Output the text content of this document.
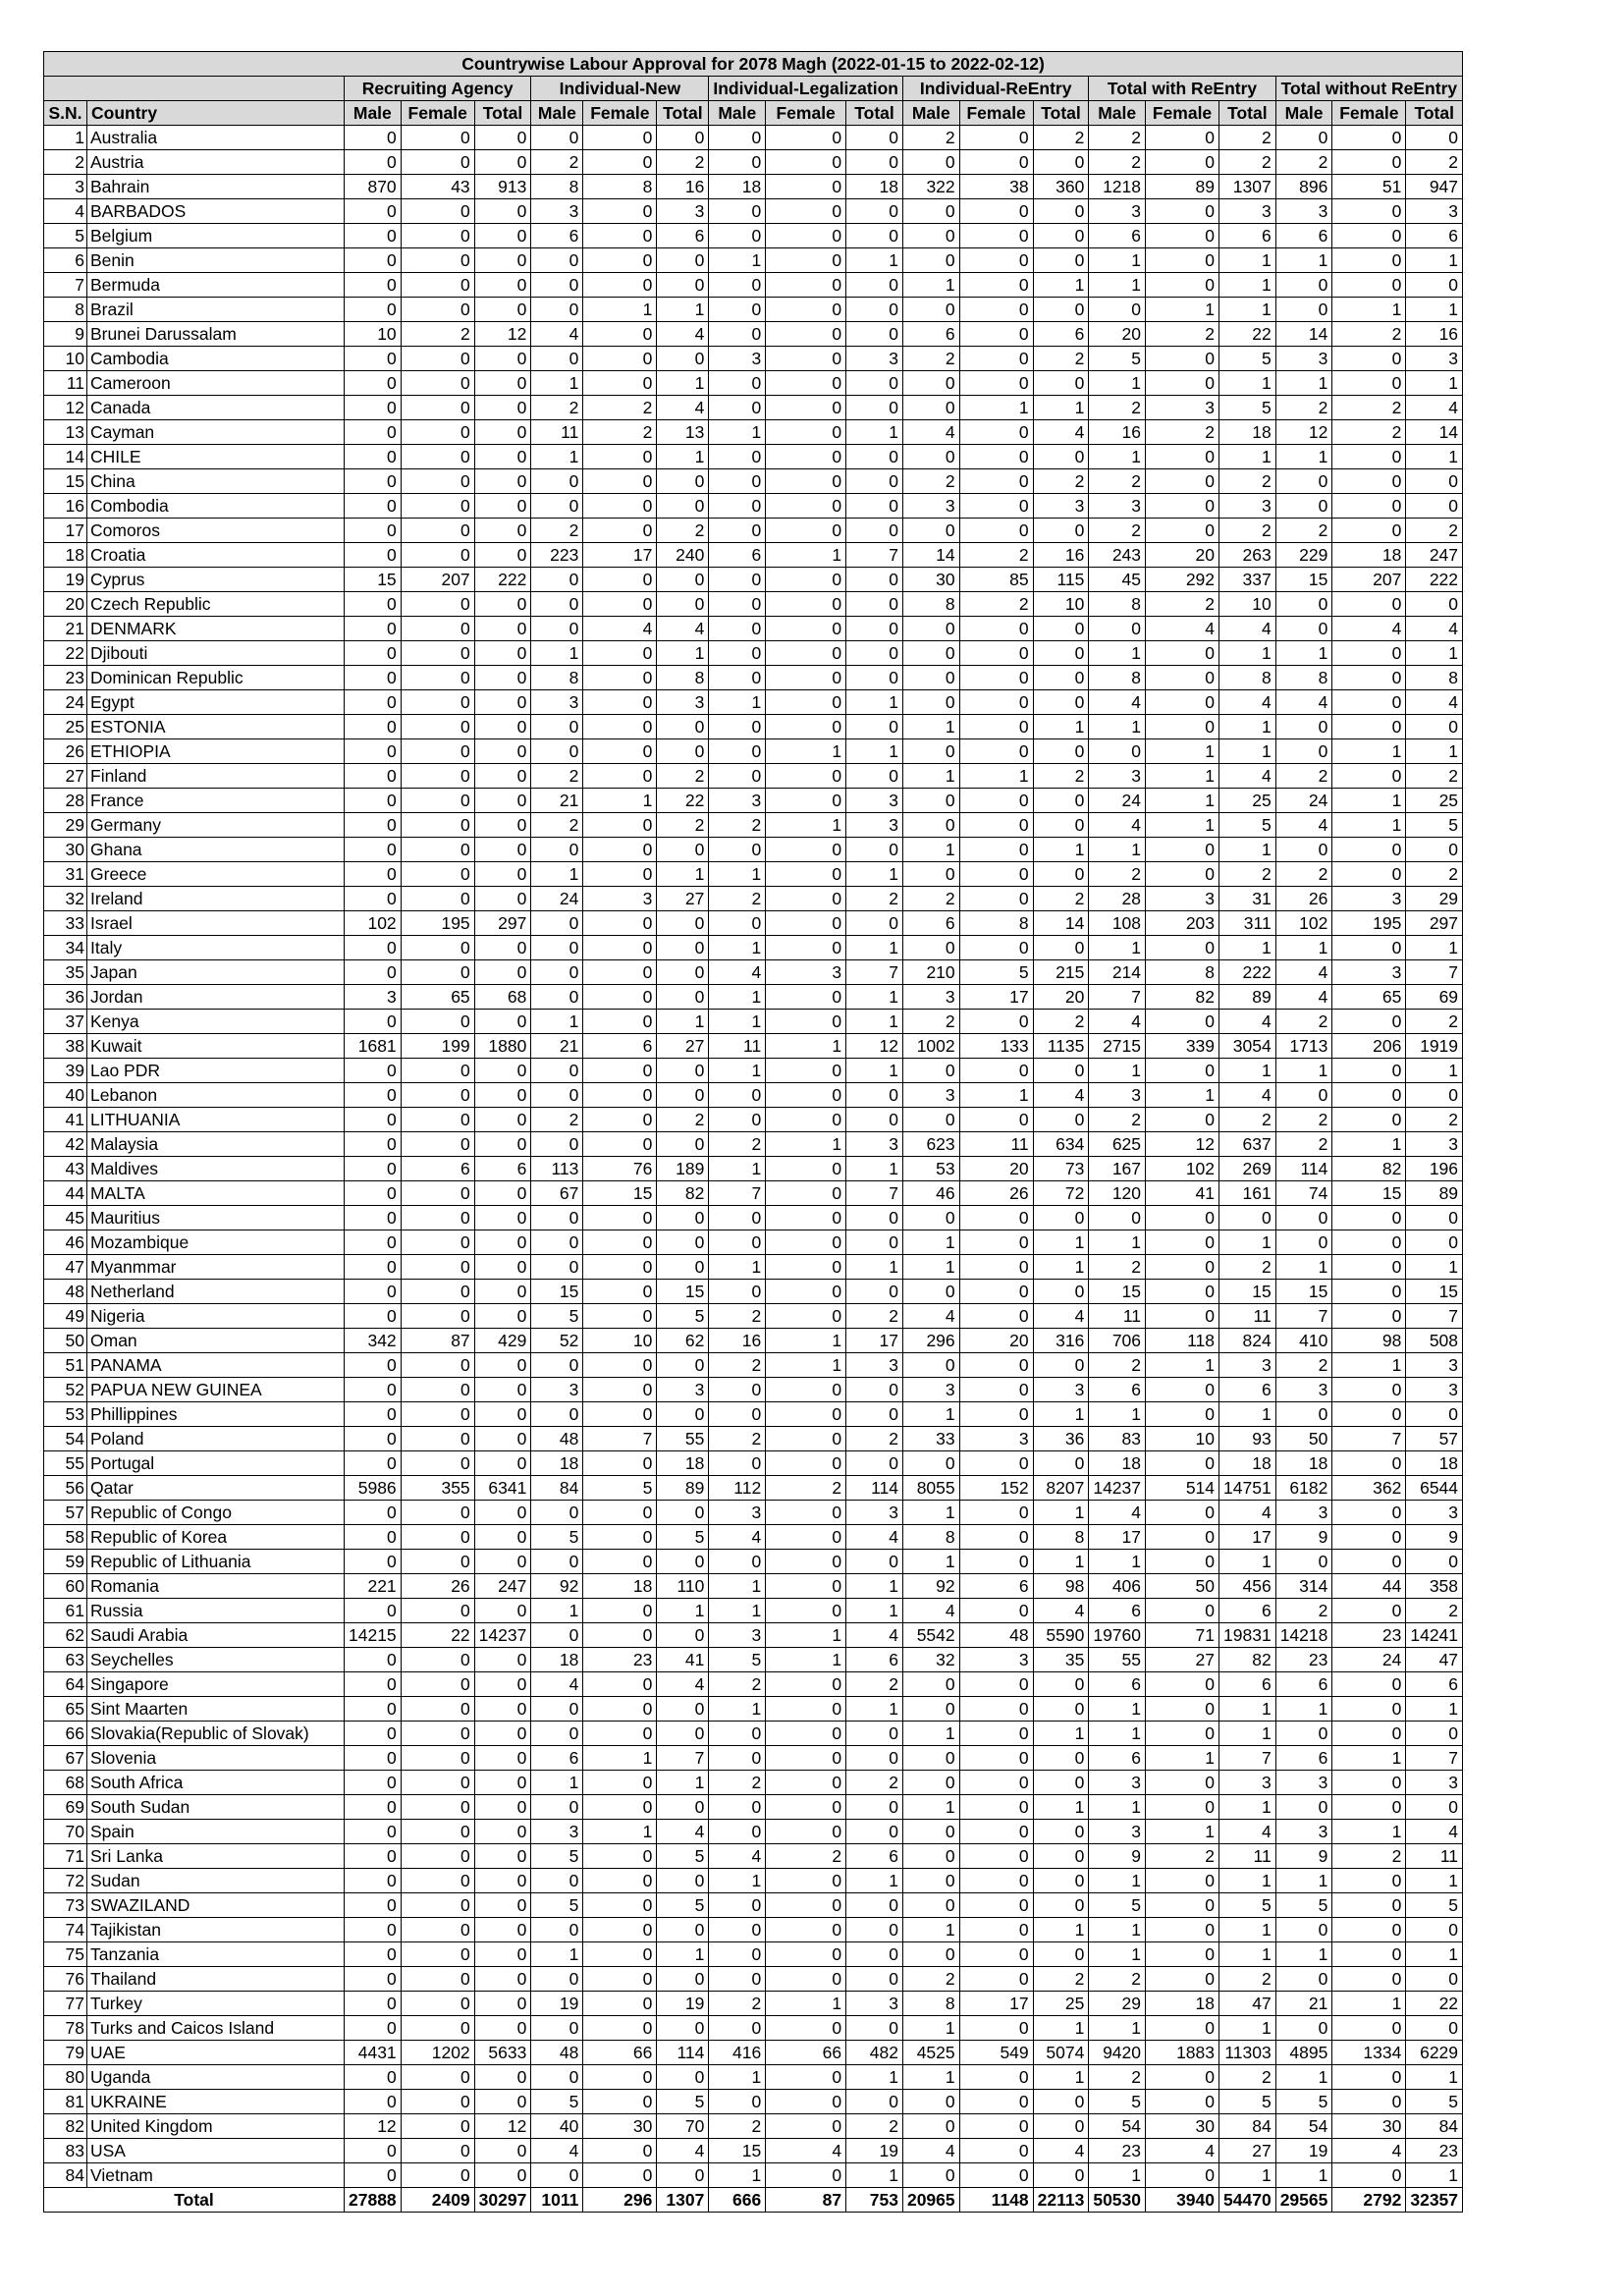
Countrywise Labour Approval for 2078 Magh (2022-01-15 to 2022-02-12)																			
		Recruiting Agency			Individual-New			Individual-Legalization			Individual-ReEntry			Total with ReEntry			Total without ReEntry		
S.N.	Country	Male	Female	Total	Male	Female	Total	Male	Female	Total	Male	Female	Total	Male	Female	Total	Male	Female	Total
1	Australia	0	0	0	0	0	0	0	0	0	2	0	2	2	0	2	0	0	0
2	Austria	0	0	0	2	0	2	0	0	0	0	0	0	2	0	2	2	0	2
3	Bahrain	870	43	913	8	8	16	18	0	18	322	38	360	1218	89	1307	896	51	947
4	BARBADOS	0	0	0	3	0	3	0	0	0	0	0	0	3	0	3	3	0	3
5	Belgium	0	0	0	6	0	6	0	0	0	0	0	0	6	0	6	6	0	6
6	Benin	0	0	0	0	0	0	1	0	1	0	0	0	1	0	1	1	0	1
7	Bermuda	0	0	0	0	0	0	0	0	0	1	0	1	1	0	1	0	0	0
8	Brazil	0	0	0	0	1	1	0	0	0	0	0	0	0	1	1	0	1	1
9	Brunei Darussalam	10	2	12	4	0	4	0	0	0	6	0	6	20	2	22	14	2	16
10	Cambodia	0	0	0	0	0	0	3	0	3	2	0	2	5	0	5	3	0	3
11	Cameroon	0	0	0	1	0	1	0	0	0	0	0	0	1	0	1	1	0	1
12	Canada	0	0	0	2	2	4	0	0	0	0	1	1	2	3	5	2	2	4
13	Cayman	0	0	0	11	2	13	1	0	1	4	0	4	16	2	18	12	2	14
14	CHILE	0	0	0	1	0	1	0	0	0	0	0	0	1	0	1	1	0	1
15	China	0	0	0	0	0	0	0	0	0	2	0	2	2	0	2	0	0	0
16	Combodia	0	0	0	0	0	0	0	0	0	3	0	3	3	0	3	0	0	0
17	Comoros	0	0	0	2	0	2	0	0	0	0	0	0	2	0	2	2	0	2
18	Croatia	0	0	0	223	17	240	6	1	7	14	2	16	243	20	263	229	18	247
19	Cyprus	15	207	222	0	0	0	0	0	0	30	85	115	45	292	337	15	207	222
20	Czech Republic	0	0	0	0	0	0	0	0	0	8	2	10	8	2	10	0	0	0
21	DENMARK	0	0	0	0	4	4	0	0	0	0	0	0	0	4	4	0	4	4
22	Djibouti	0	0	0	1	0	1	0	0	0	0	0	0	1	0	1	1	0	1
23	Dominican Republic	0	0	0	8	0	8	0	0	0	0	0	0	8	0	8	8	0	8
24	Egypt	0	0	0	3	0	3	1	0	1	0	0	0	4	0	4	4	0	4
25	ESTONIA	0	0	0	0	0	0	0	0	0	1	0	1	1	0	1	0	0	0
26	ETHIOPIA	0	0	0	0	0	0	0	1	1	0	0	0	0	1	1	0	1	1
27	Finland	0	0	0	2	0	2	0	0	0	1	1	2	3	1	4	2	0	2
28	France	0	0	0	21	1	22	3	0	3	0	0	0	24	1	25	24	1	25
29	Germany	0	0	0	2	0	2	2	1	3	0	0	0	4	1	5	4	1	5
30	Ghana	0	0	0	0	0	0	0	0	0	1	0	1	1	0	1	0	0	0
31	Greece	0	0	0	1	0	1	1	0	1	0	0	0	2	0	2	2	0	2
32	Ireland	0	0	0	24	3	27	2	0	2	2	0	2	28	3	31	26	3	29
33	Israel	102	195	297	0	0	0	0	0	0	6	8	14	108	203	311	102	195	297
34	Italy	0	0	0	0	0	0	1	0	1	0	0	0	1	0	1	1	0	1
35	Japan	0	0	0	0	0	0	4	3	7	210	5	215	214	8	222	4	3	7
36	Jordan	3	65	68	0	0	0	1	0	1	3	17	20	7	82	89	4	65	69
37	Kenya	0	0	0	1	0	1	1	0	1	2	0	2	4	0	4	2	0	2
38	Kuwait	1681	199	1880	21	6	27	11	1	12	1002	133	1135	2715	339	3054	1713	206	1919
39	Lao PDR	0	0	0	0	0	0	1	0	1	0	0	0	1	0	1	1	0	1
40	Lebanon	0	0	0	0	0	0	0	0	0	3	1	4	3	1	4	0	0	0
41	LITHUANIA	0	0	0	2	0	2	0	0	0	0	0	0	2	0	2	2	0	2
42	Malaysia	0	0	0	0	0	0	2	1	3	623	11	634	625	12	637	2	1	3
43	Maldives	0	6	6	113	76	189	1	0	1	53	20	73	167	102	269	114	82	196
44	MALTA	0	0	0	67	15	82	7	0	7	46	26	72	120	41	161	74	15	89
45	Mauritius	0	0	0	0	0	0	0	0	0	0	0	0	0	0	0	0	0	0
46	Mozambique	0	0	0	0	0	0	0	0	0	1	0	1	1	0	1	0	0	0
47	Myanmmar	0	0	0	0	0	0	1	0	1	1	0	1	2	0	2	1	0	1
48	Netherland	0	0	0	15	0	15	0	0	0	0	0	0	15	0	15	15	0	15
49	Nigeria	0	0	0	5	0	5	2	0	2	4	0	4	11	0	11	7	0	7
50	Oman	342	87	429	52	10	62	16	1	17	296	20	316	706	118	824	410	98	508
51	PANAMA	0	0	0	0	0	0	2	1	3	0	0	0	2	1	3	2	1	3
52	PAPUA NEW GUINEA	0	0	0	3	0	3	0	0	0	3	0	3	6	0	6	3	0	3
53	Phillippines	0	0	0	0	0	0	0	0	0	1	0	1	1	0	1	0	0	0
54	Poland	0	0	0	48	7	55	2	0	2	33	3	36	83	10	93	50	7	57
55	Portugal	0	0	0	18	0	18	0	0	0	0	0	0	18	0	18	18	0	18
56	Qatar	5986	355	6341	84	5	89	112	2	114	8055	152	8207	14237	514	14751	6182	362	6544
57	Republic of Congo	0	0	0	0	0	0	3	0	3	1	0	1	4	0	4	3	0	3
58	Republic of Korea	0	0	0	5	0	5	4	0	4	8	0	8	17	0	17	9	0	9
59	Republic of Lithuania	0	0	0	0	0	0	0	0	0	1	0	1	1	0	1	0	0	0
60	Romania	221	26	247	92	18	110	1	0	1	92	6	98	406	50	456	314	44	358
61	Russia	0	0	0	1	0	1	1	0	1	4	0	4	6	0	6	2	0	2
62	Saudi Arabia	14215	22	14237	0	0	0	3	1	4	5542	48	5590	19760	71	19831	14218	23	14241
63	Seychelles	0	0	0	18	23	41	5	1	6	32	3	35	55	27	82	23	24	47
64	Singapore	0	0	0	4	0	4	2	0	2	0	0	0	6	0	6	6	0	6
65	Sint Maarten	0	0	0	0	0	0	1	0	1	0	0	0	1	0	1	1	0	1
66	Slovakia(Republic of Slovak)	0	0	0	0	0	0	0	0	0	1	0	1	1	0	1	0	0	0
67	Slovenia	0	0	0	6	1	7	0	0	0	0	0	0	6	1	7	6	1	7
68	South Africa	0	0	0	1	0	1	2	0	2	0	0	0	3	0	3	3	0	3
69	South Sudan	0	0	0	0	0	0	0	0	0	1	0	1	1	0	1	0	0	0
70	Spain	0	0	0	3	1	4	0	0	0	0	0	0	3	1	4	3	1	4
71	Sri Lanka	0	0	0	5	0	5	4	2	6	0	0	0	9	2	11	9	2	11
72	Sudan	0	0	0	0	0	0	1	0	1	0	0	0	1	0	1	1	0	1
73	SWAZILAND	0	0	0	5	0	5	0	0	0	0	0	0	5	0	5	5	0	5
74	Tajikistan	0	0	0	0	0	0	0	0	0	1	0	1	1	0	1	0	0	0
75	Tanzania	0	0	0	1	0	1	0	0	0	0	0	0	1	0	1	1	0	1
76	Thailand	0	0	0	0	0	0	0	0	0	2	0	2	2	0	2	0	0	0
77	Turkey	0	0	0	19	0	19	2	1	3	8	17	25	29	18	47	21	1	22
78	Turks and Caicos Island	0	0	0	0	0	0	0	0	0	1	0	1	1	0	1	0	0	0
79	UAE	4431	1202	5633	48	66	114	416	66	482	4525	549	5074	9420	1883	11303	4895	1334	6229
80	Uganda	0	0	0	0	0	0	1	0	1	1	0	1	2	0	2	1	0	1
81	UKRAINE	0	0	0	5	0	5	0	0	0	0	0	0	5	0	5	5	0	5
82	United Kingdom	12	0	12	40	30	70	2	0	2	0	0	0	54	30	84	54	30	84
83	USA	0	0	0	4	0	4	15	4	19	4	0	4	23	4	27	19	4	23
84	Vietnam	0	0	0	0	0	0	1	0	1	0	0	0	1	0	1	1	0	1
Total		27888	2409	30297	1011	296	1307	666	87	753	20965	1148	22113	50530	3940	54470	29565	2792	32357
